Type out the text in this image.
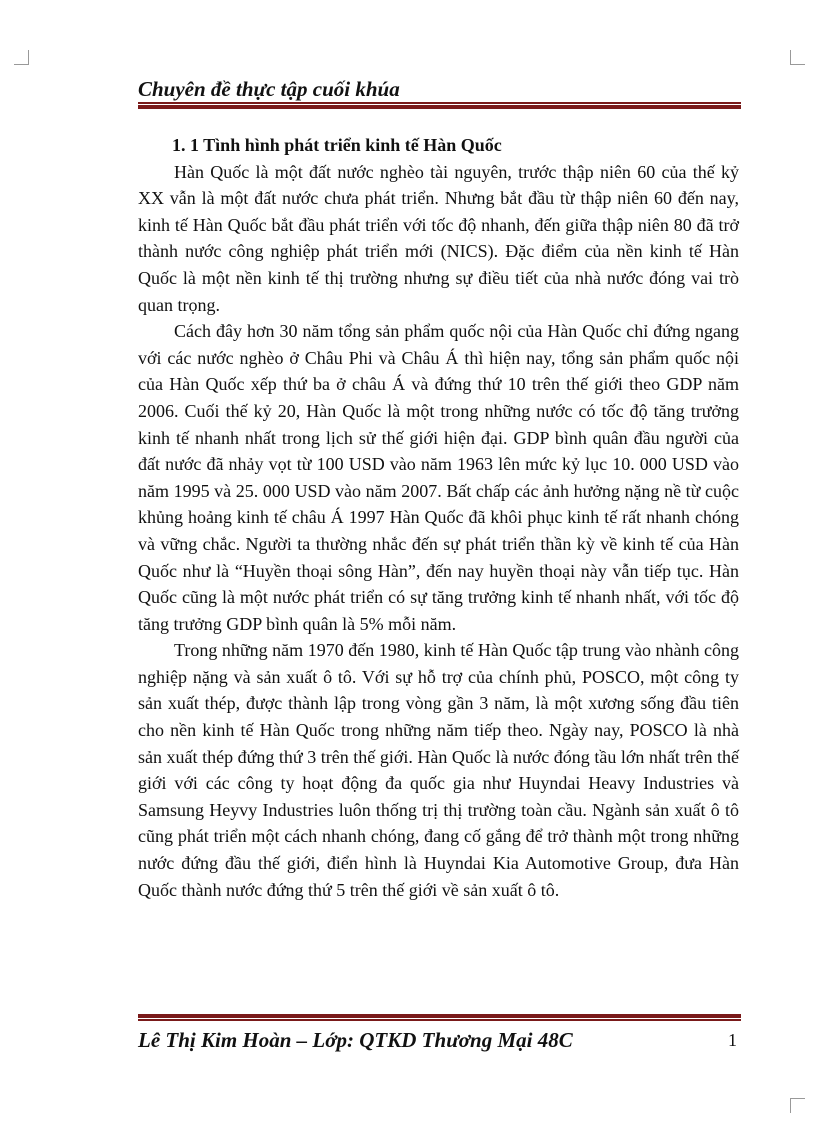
Chuyên đề thực tập cuối khúa

1. 1 Tình hình phát triển kinh tế Hàn Quốc

Hàn Quốc là một đất nước nghèo tài nguyên, trước thập niên 60 của thế kỷ XX vẫn là một đất nước chưa phát triển. Nhưng bắt đầu từ thập niên 60 đến nay, kinh tế Hàn Quốc bắt đầu phát triển với tốc độ nhanh, đến giữa thập niên 80 đã trở thành nước công nghiệp phát triển mới (NICS). Đặc điểm của nền kinh tế Hàn Quốc là một nền kinh tế thị trường nhưng sự điều tiết của nhà nước đóng vai trò quan trọng.

Cách đây hơn 30 năm tổng sản phẩm quốc nội của Hàn Quốc chỉ đứng ngang với các nước nghèo ở Châu Phi và Châu Á thì hiện nay, tổng sản phẩm quốc nội của Hàn Quốc xếp thứ ba ở châu Á và đứng thứ 10 trên thế giới theo GDP năm 2006. Cuối thế kỷ 20, Hàn Quốc là một trong những nước có tốc độ tăng trưởng kinh tế nhanh nhất trong lịch sử thế giới hiện đại. GDP bình quân đầu người của đất nước đã nhảy vọt từ 100 USD vào năm 1963 lên mức kỷ lục 10. 000 USD vào năm 1995 và 25. 000 USD vào năm 2007. Bất chấp các ảnh hưởng nặng nề từ cuộc khủng hoảng kinh tế châu Á 1997 Hàn Quốc đã khôi phục kinh tế rất nhanh chóng và vững chắc. Người ta thường nhắc đến sự phát triển thần kỳ về kinh tế của Hàn Quốc như là “Huyền thoại sông Hàn”, đến nay huyền thoại này vẫn tiếp tục. Hàn Quốc cũng là một nước phát triển có sự tăng trưởng kinh tế nhanh nhất, với tốc độ tăng trưởng GDP bình quân là 5% mỗi năm.

Trong những năm 1970 đến 1980, kinh tế Hàn Quốc tập trung vào nhành công nghiệp nặng và sản xuất ô tô. Với sự hỗ trợ của chính phủ, POSCO, một công ty sản xuất thép, được thành lập trong vòng gần 3 năm, là một xương sống đầu tiên cho nền kinh tế Hàn Quốc trong những năm tiếp theo. Ngày nay, POSCO là nhà sản xuất thép đứng thứ 3 trên thế giới. Hàn Quốc là nước đóng tầu lớn nhất trên thế giới với các công ty hoạt động đa quốc gia như Huyndai Heavy Industries và Samsung Heyvy Industries luôn thống trị thị trường toàn cầu. Ngành sản xuất ô tô cũng phát triển một cách nhanh chóng, đang cố gắng để trở thành một trong những nước đứng đầu thế giới, điển hình là Huyndai Kia Automotive Group, đưa Hàn Quốc thành nước đứng thứ 5 trên thế giới về sản xuất ô tô.

Lê Thị Kim Hoàn – Lớp: QTKD Thương Mại 48C	1
